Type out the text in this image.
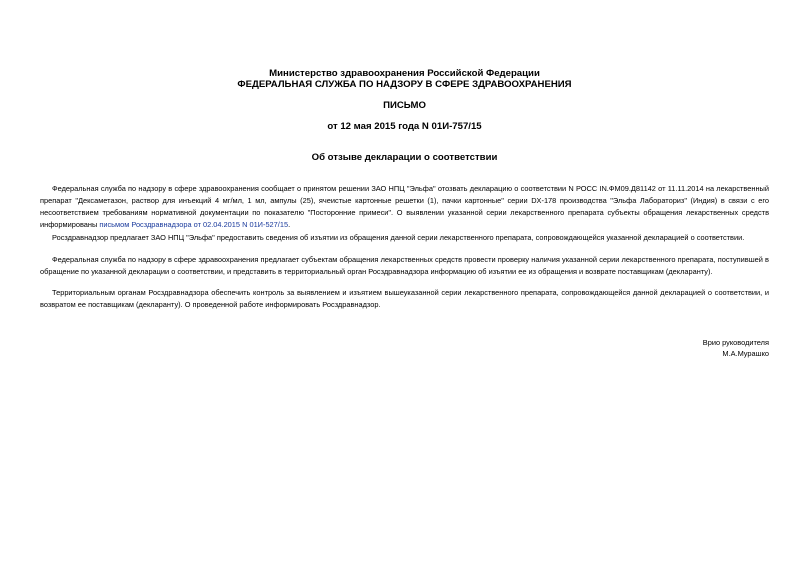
Министерство здравоохранения Российской Федерации
ФЕДЕРАЛЬНАЯ СЛУЖБА ПО НАДЗОРУ В СФЕРЕ ЗДРАВООХРАНЕНИЯ
ПИСЬМО
от 12 мая 2015 года N 01И-757/15
Об отзыве декларации о соответствии

Федеральная служба по надзору в сфере здравоохранения сообщает о принятом решении ЗАО НПЦ "Эльфа" отозвать декларацию о соответствии N РОСС IN.ФМ09.Д81142 от 11.11.2014 на лекарственный препарат "Дексаметазон, раствор для инъекций 4 мг/мл, 1 мл, ампулы (25), ячеистые картонные решетки (1), пачки картонные" серии DX-178 производства "Эльфа Лабораториз" (Индия) в связи с его несоответствием требованиям нормативной документации по показателю "Посторонние примеси". О выявлении указанной серии лекарственного препарата субъекты обращения лекарственных средств информированы письмом Росздравнадзора от 02.04.2015 N 01И-527/15.

Росздравнадзор предлагает ЗАО НПЦ "Эльфа" предоставить сведения об изъятии из обращения данной серии лекарственного препарата, сопровождающейся указанной декларацией о соответствии.

Федеральная служба по надзору в сфере здравоохранения предлагает субъектам обращения лекарственных средств провести проверку наличия указанной серии лекарственного препарата, поступившей в обращение по указанной декларации о соответствии, и представить в территориальный орган Росздравнадзора информацию об изъятии ее из обращения и возврате поставщикам (декларанту).

Территориальным органам Росздравнадзора обеспечить контроль за выявлением и изъятием вышеуказанной серии лекарственного препарата, сопровождающейся данной декларацией о соответствии, и возвратом ее поставщикам (декларанту). О проведенной работе информировать Росздравнадзор.

Врио руководителя
М.А.Мурашко
